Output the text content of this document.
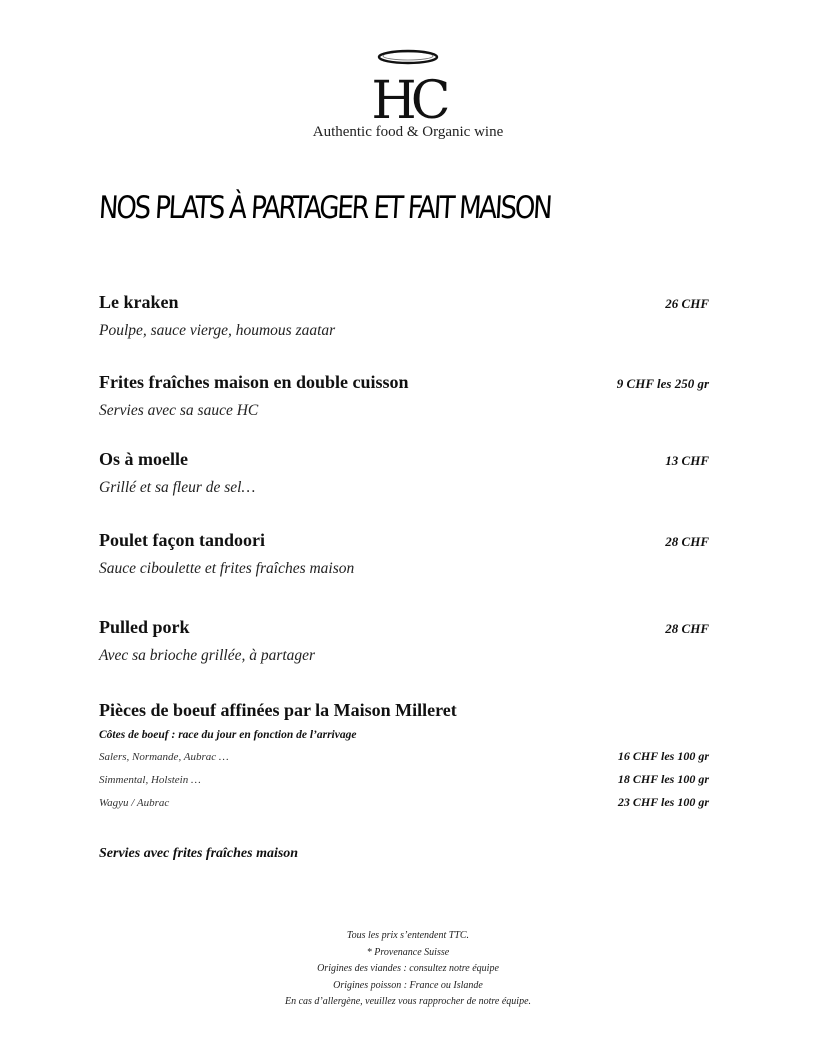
HC
Authentic food & Organic wine
NOS PLATS À PARTAGER ET FAIT MAISON
Le kraken	26 CHF
Poulpe, sauce vierge, houmous zaatar
Frites fraîches maison en double cuisson	9 CHF les 250 gr
Servies avec sa sauce HC
Os à moelle	13 CHF
Grillé et sa fleur de sel…
Poulet façon tandoori	28 CHF
Sauce ciboulette et frites fraîches maison
Pulled pork	28 CHF
Avec sa brioche grillée, à partager
Pièces de boeuf affinées par la Maison Milleret
Côtes de boeuf : race du jour en fonction de l’arrivage
Salers, Normande, Aubrac …	16 CHF les 100 gr
Simmental, Holstein …	18 CHF les 100 gr
Wagyu / Aubrac	23 CHF les 100 gr
Servies avec frites fraîches maison
Tous les prix s’entendent TTC.
* Provenance Suisse
Origines des viandes : consultez notre équipe
Origines poisson : France ou Islande
En cas d’allergène, veuillez vous rapprocher de notre équipe.
